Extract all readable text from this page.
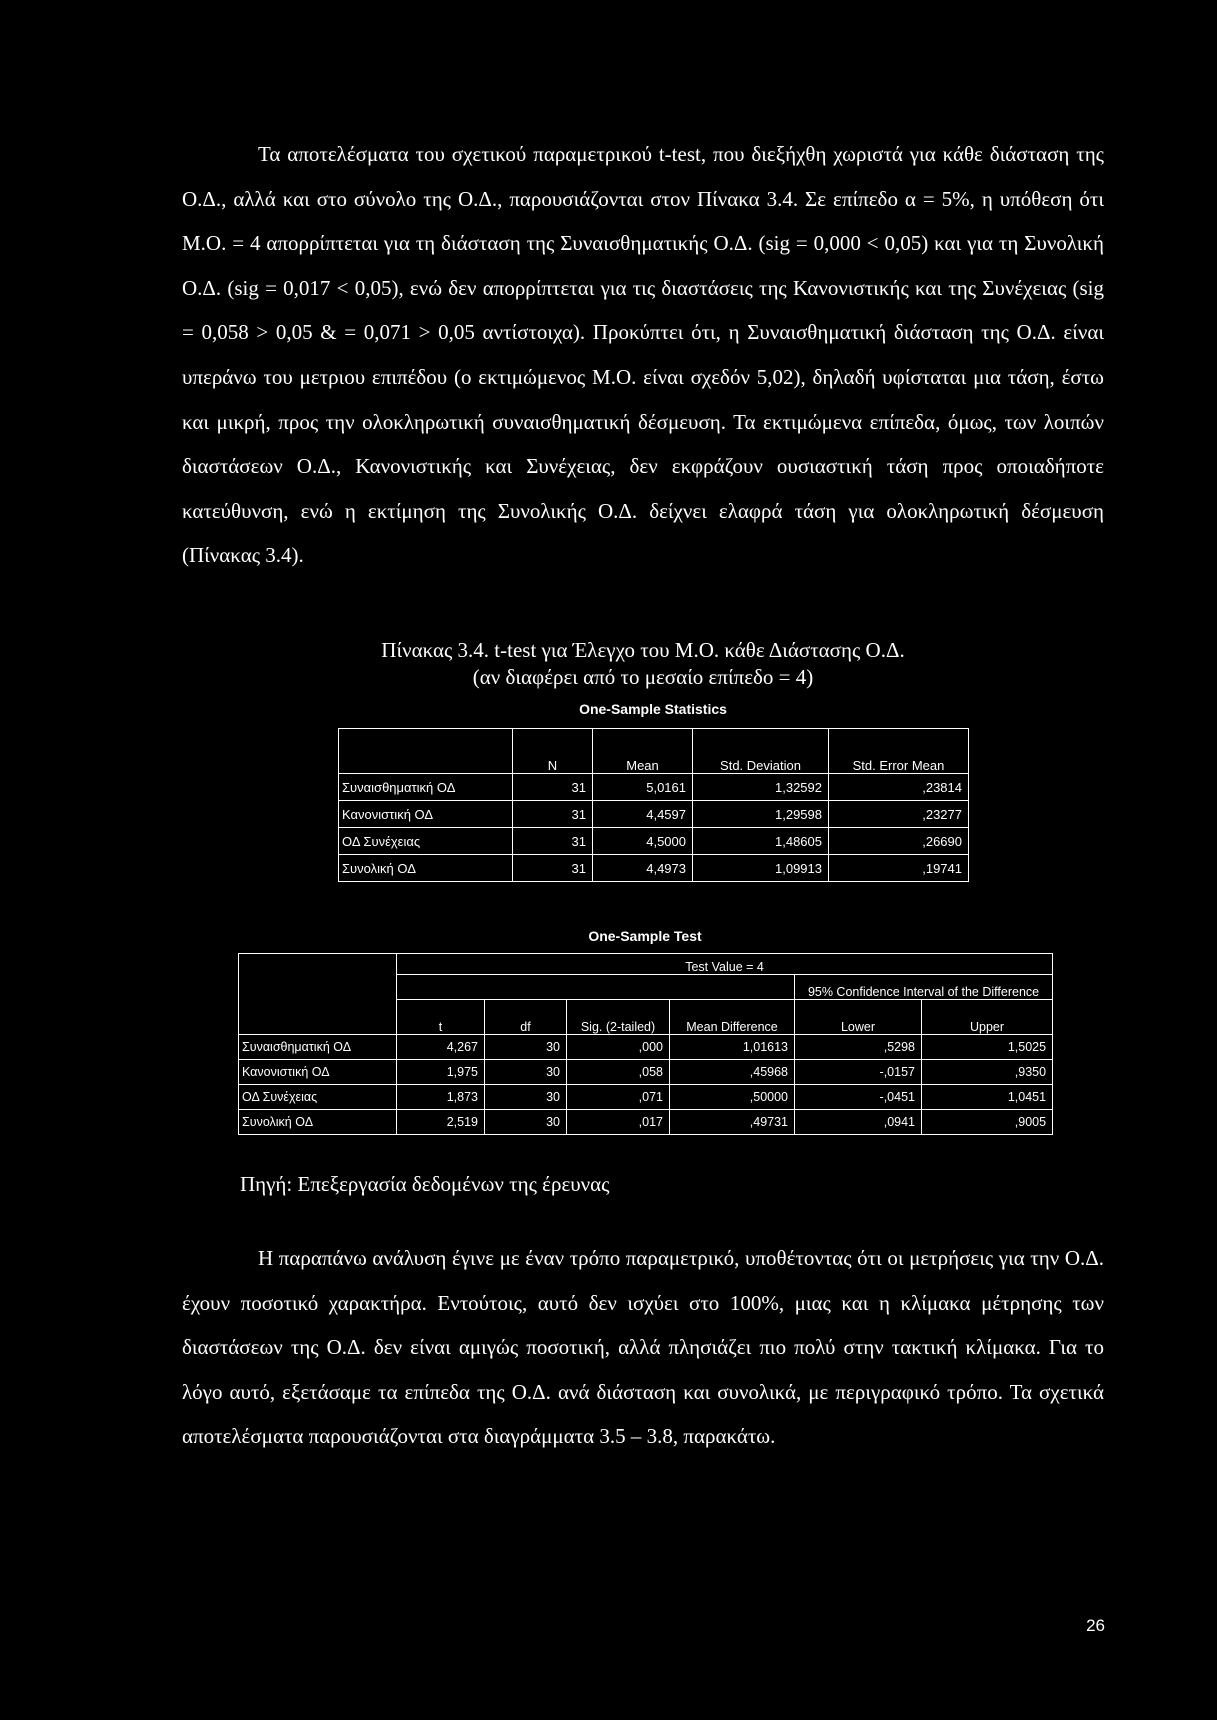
Τα αποτελέσματα του σχετικού παραμετρικού t-test, που διεξήχθη χωριστά για κάθε διάσταση της Ο.Δ., αλλά και στο σύνολο της Ο.Δ., παρουσιάζονται στον Πίνακα 3.4. Σε επίπεδο α = 5%, η υπόθεση ότι Μ.Ο. = 4 απορρίπτεται για τη διάσταση της Συναισθηματικής Ο.Δ. (sig = 0,000 < 0,05) και για τη Συνολική Ο.Δ. (sig = 0,017 < 0,05), ενώ δεν απορρίπτεται για τις διαστάσεις της Κανονιστικής και της Συνέχειας (sig = 0,058 > 0,05 & = 0,071 > 0,05 αντίστοιχα). Προκύπτει ότι, η Συναισθηματική διάσταση της Ο.Δ. είναι υπεράνω του μετριου επιπέδου (ο εκτιμώμενος Μ.Ο. είναι σχεδόν 5,02), δηλαδή υφίσταται μια τάση, έστω και μικρή, προς την ολοκληρωτική συναισθηματική δέσμευση. Τα εκτιμώμενα επίπεδα, όμως, των λοιπών διαστάσεων Ο.Δ., Κανονιστικής και Συνέχειας, δεν εκφράζουν ουσιαστική τάση προς οποιαδήποτε κατεύθυνση, ενώ η εκτίμηση της Συνολικής Ο.Δ. δείχνει ελαφρά τάση για ολοκληρωτική δέσμευση (Πίνακας 3.4).

Πίνακας 3.4. t-test για Έλεγχο του Μ.Ο. κάθε Διάστασης Ο.Δ.
(αν διαφέρει από το μεσαίο επίπεδο = 4)
One-Sample Statistics
	N	Mean	Std. Deviation	Std. Error Mean
Συναισθηματική ΟΔ	31	5,0161	1,32592	,23814
Κανονιστική ΟΔ	31	4,4597	1,29598	,23277
ΟΔ Συνέχειας	31	4,5000	1,48605	,26690
Συνολική ΟΔ	31	4,4973	1,09913	,19741
One-Sample Test
	Test Value = 4					
					95% Confidence Interval of the Difference	
	t	df	Sig. (2-tailed)	Mean Difference	Lower	Upper
Συναισθηματική ΟΔ	4,267	30	,000	1,01613	,5298	1,5025
Κανονιστική ΟΔ	1,975	30	,058	,45968	-,0157	,9350
ΟΔ Συνέχειας	1,873	30	,071	,50000	-,0451	1,0451
Συνολική ΟΔ	2,519	30	,017	,49731	,0941	,9005
Πηγή: Επεξεργασία δεδομένων της έρευνας

Η παραπάνω ανάλυση έγινε με έναν τρόπο παραμετρικό, υποθέτοντας ότι οι μετρήσεις για την Ο.Δ. έχουν ποσοτικό χαρακτήρα. Εντούτοις, αυτό δεν ισχύει στο 100%, μιας και η κλίμακα μέτρησης των διαστάσεων της Ο.Δ. δεν είναι αμιγώς ποσοτική, αλλά πλησιάζει πιο πολύ στην τακτική κλίμακα. Για το λόγο αυτό, εξετάσαμε τα επίπεδα της Ο.Δ. ανά διάσταση και συνολικά, με περιγραφικό τρόπο. Τα σχετικά αποτελέσματα παρουσιάζονται στα διαγράμματα 3.5 – 3.8, παρακάτω.

26
